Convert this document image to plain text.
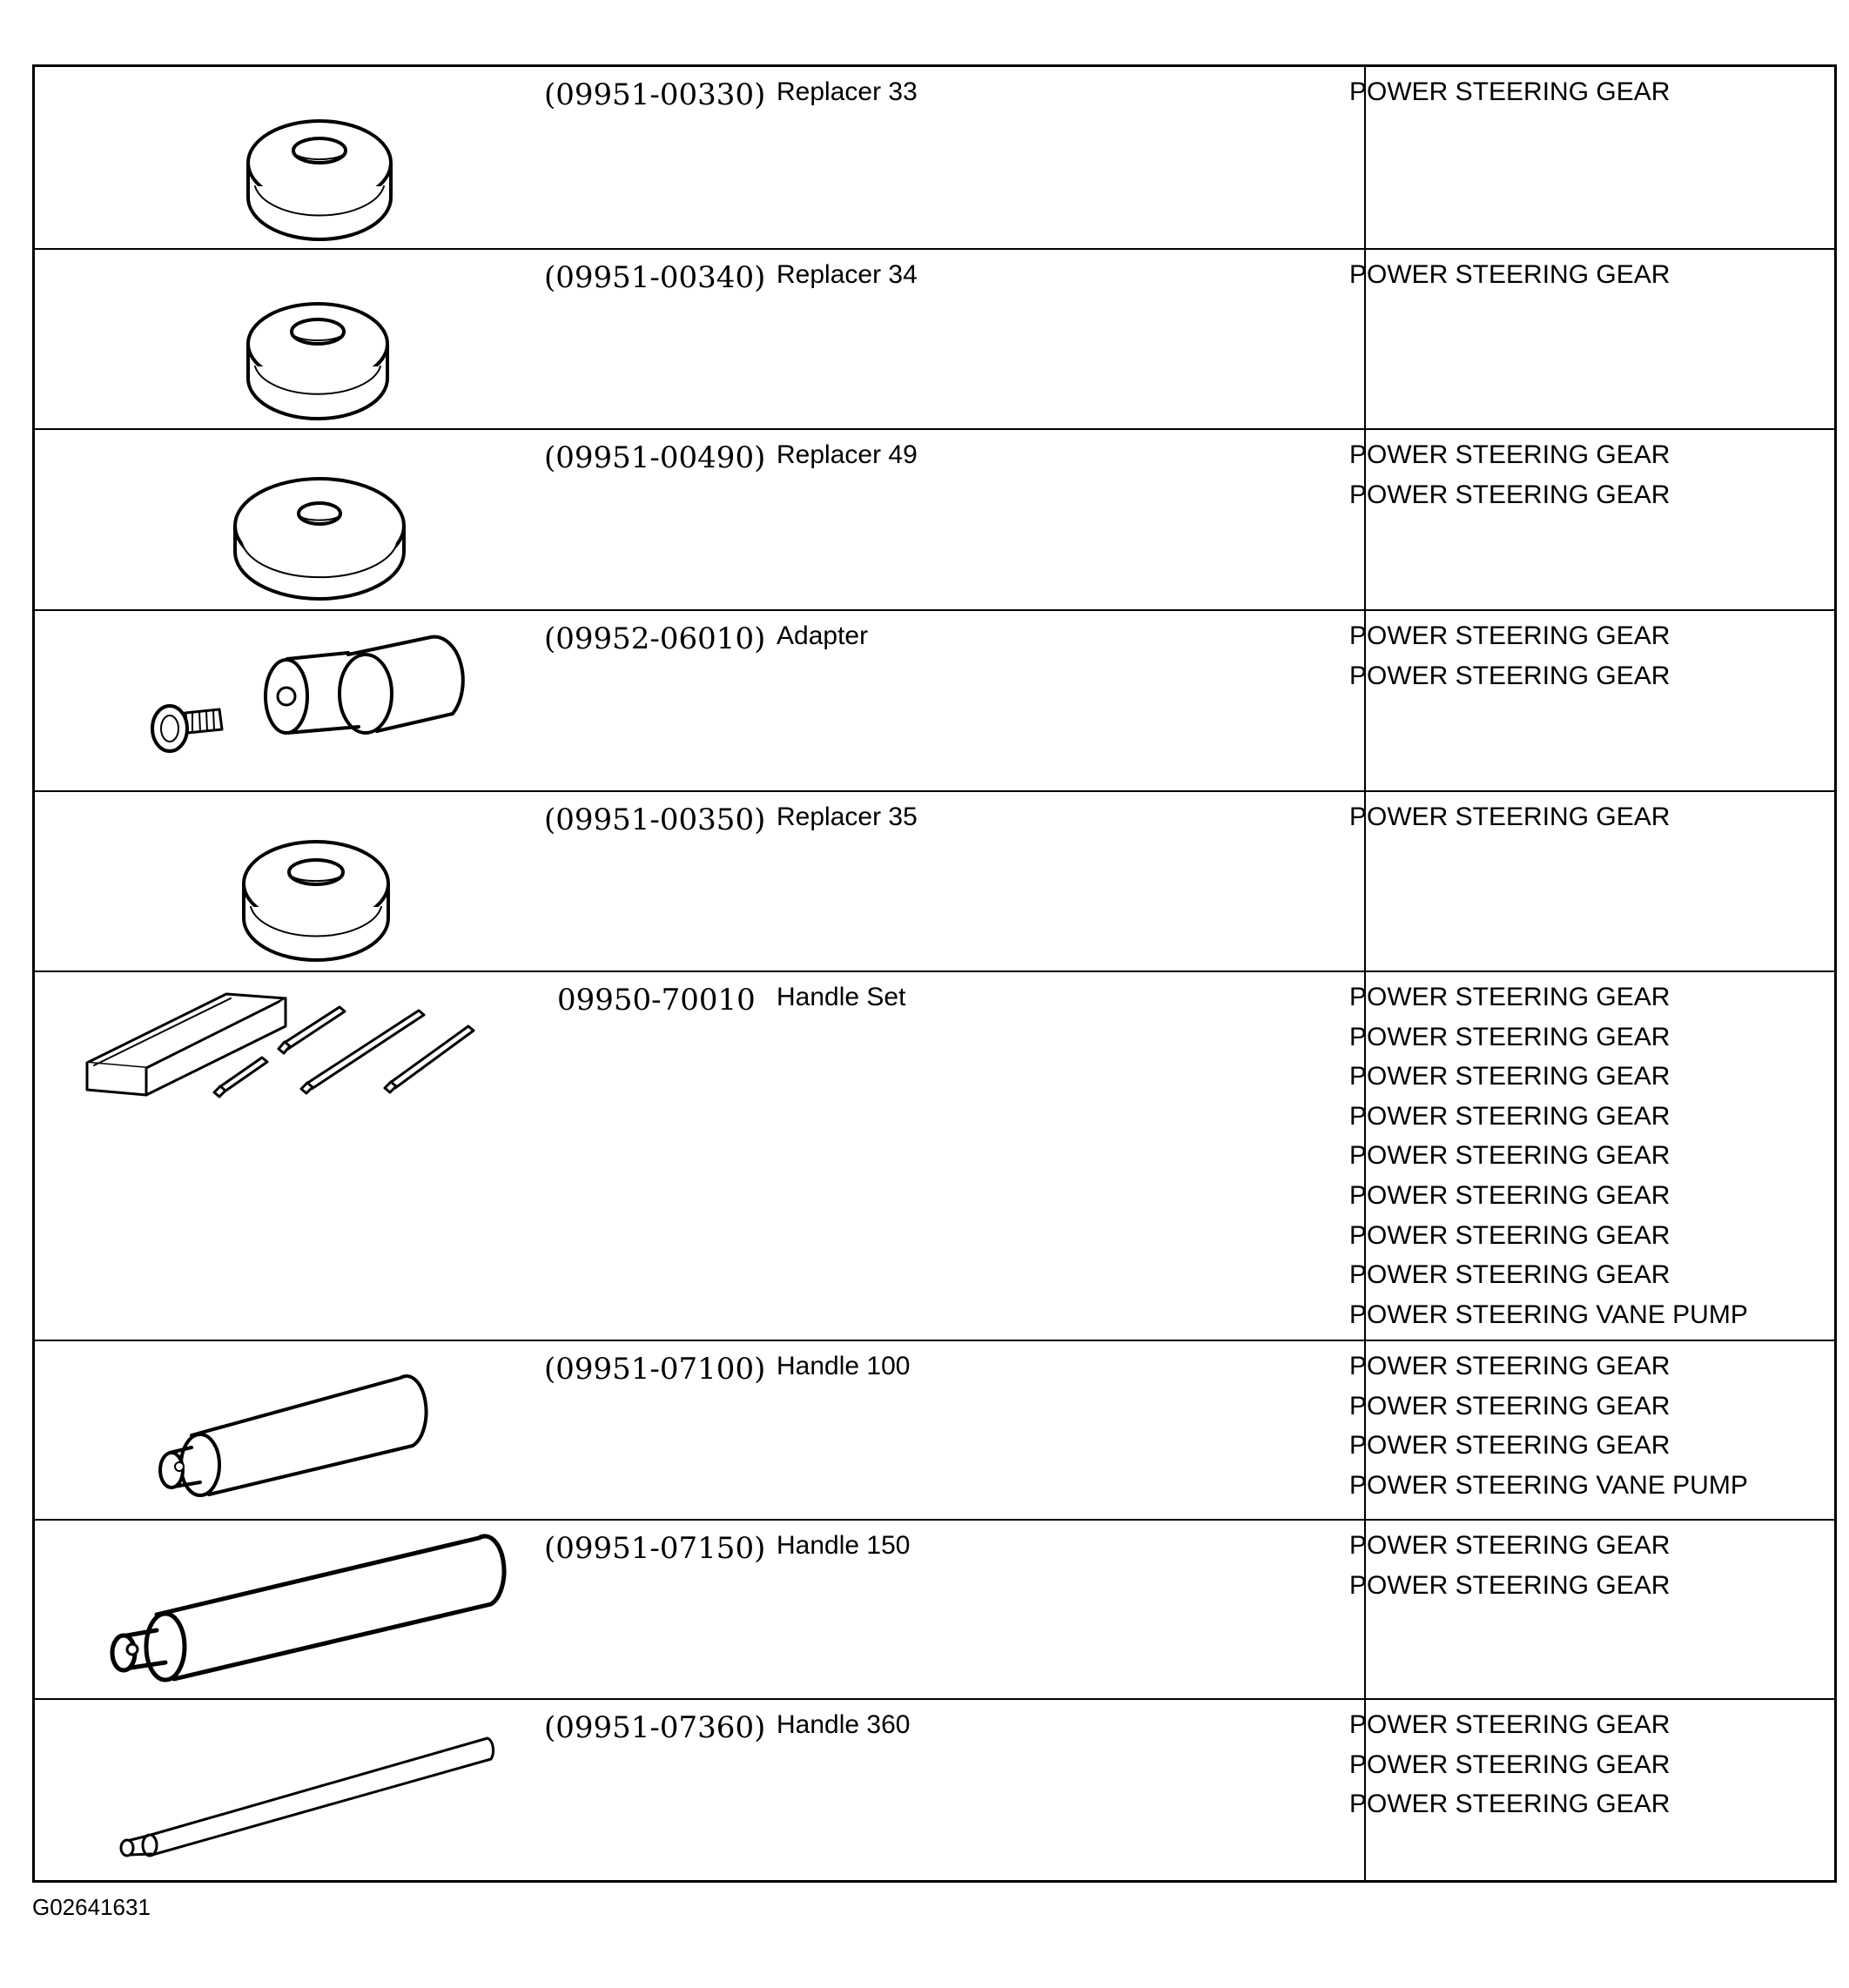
(09951-00330) Replacer 33	POWER STEERING GEAR
(09951-00340) Replacer 34	POWER STEERING GEAR
(09951-00490) Replacer 49	POWER STEERING GEAR
POWER STEERING GEAR
(09952-06010) Adapter	POWER STEERING GEAR
POWER STEERING GEAR
(09951-00350) Replacer 35	POWER STEERING GEAR
09950-70010 Handle Set	POWER STEERING GEAR
POWER STEERING GEAR
POWER STEERING GEAR
POWER STEERING GEAR
POWER STEERING GEAR
POWER STEERING GEAR
POWER STEERING GEAR
POWER STEERING GEAR
POWER STEERING VANE PUMP
(09951-07100) Handle 100	POWER STEERING GEAR
POWER STEERING GEAR
POWER STEERING GEAR
POWER STEERING VANE PUMP
(09951-07150) Handle 150	POWER STEERING GEAR
POWER STEERING GEAR
(09951-07360) Handle 360	POWER STEERING GEAR
POWER STEERING GEAR
POWER STEERING GEAR
G02641631
